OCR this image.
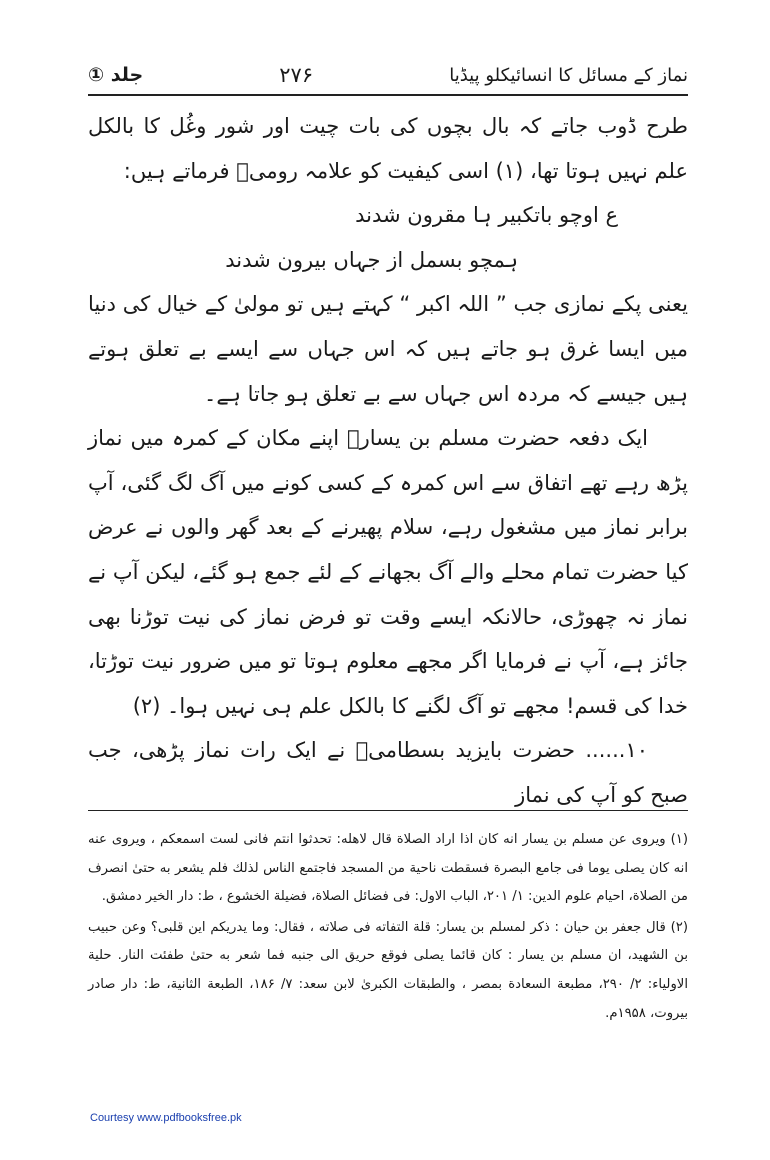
نماز کے مسائل کا انسائیکلو پیڈیا
۲۷۶
جلد ①

طرح ڈوب جاتے کہ بال بچوں کی بات چیت اور شور وغُل کا بالکل علم نہیں ہوتا تھا، (۱) اسی کیفیت کو علامہ رومیؒ فرماتے ہیں:

ع اوچو باتکبیر ہا مقرون شدند

ہمچو بسمل از جہاں بیرون شدند

یعنی پکے نمازی جب ” اللہ اکبر “ کہتے ہیں تو مولیٰ کے خیال کی دنیا میں ایسا غرق ہو جاتے ہیں کہ اس جہاں سے ایسے بے تعلق ہوتے ہیں جیسے کہ مردہ اس جہاں سے بے تعلق ہو جاتا ہے۔

ایک دفعہ حضرت مسلم بن یسارؒ اپنے مکان کے کمرہ میں نماز پڑھ رہے تھے اتفاق سے اس کمرہ کے کسی کونے میں آگ لگ گئی، آپ برابر نماز میں مشغول رہے، سلام پھیرنے کے بعد گھر والوں نے عرض کیا حضرت تمام محلے والے آگ بجھانے کے لئے جمع ہو گئے، لیکن آپ نے نماز نہ چھوڑی، حالانکہ ایسے وقت تو فرض نماز کی نیت توڑنا بھی جائز ہے، آپ نے فرمایا اگر مجھے معلوم ہوتا تو میں ضرور نیت توڑتا، خدا کی قسم! مجھے تو آگ لگنے کا بالکل علم ہی نہیں ہوا۔ (۲)

۱۰...... حضرت بایزید بسطامیؒ نے ایک رات نماز پڑھی، جب صبح کو آپ کی نماز

(۱) ويروى عن مسلم بن يسار انه كان اذا اراد الصلاة قال لاهله: تحدثوا انتم فانى لست اسمعكم ، ويروى عنه انه كان يصلى يوما فى جامع البصرة فسقطت ناحية من المسجد فاجتمع الناس لذلك فلم يشعر به حتىٰ انصرف من الصلاة، احيام علوم الدين: ۱/ ۲۰۱، الباب الاول: فى فضائل الصلاة، فضيلة الخشوع ، ط: دار الخير دمشق.

(۲) قال جعفر بن حيان : ذكر لمسلم بن يسار: قلة التفاته فى صلاته ، فقال: وما يدريكم اين قلبى؟ وعن حبيب بن الشهيد، ان مسلم بن يسار : كان قائما يصلى فوقع حريق الى جنبه فما شعر به حتىٰ طفئت النار. حلية الاولياء: ۲/ ۲۹۰، مطبعة السعادة بمصر ، والطبقات الكبرىٰ لابن سعد: ۷/ ۱۸۶، الطبعة الثانية، ط: دار صادر بيروت، ۱۹۵۸م.

Courtesy www.pdfbooksfree.pk
